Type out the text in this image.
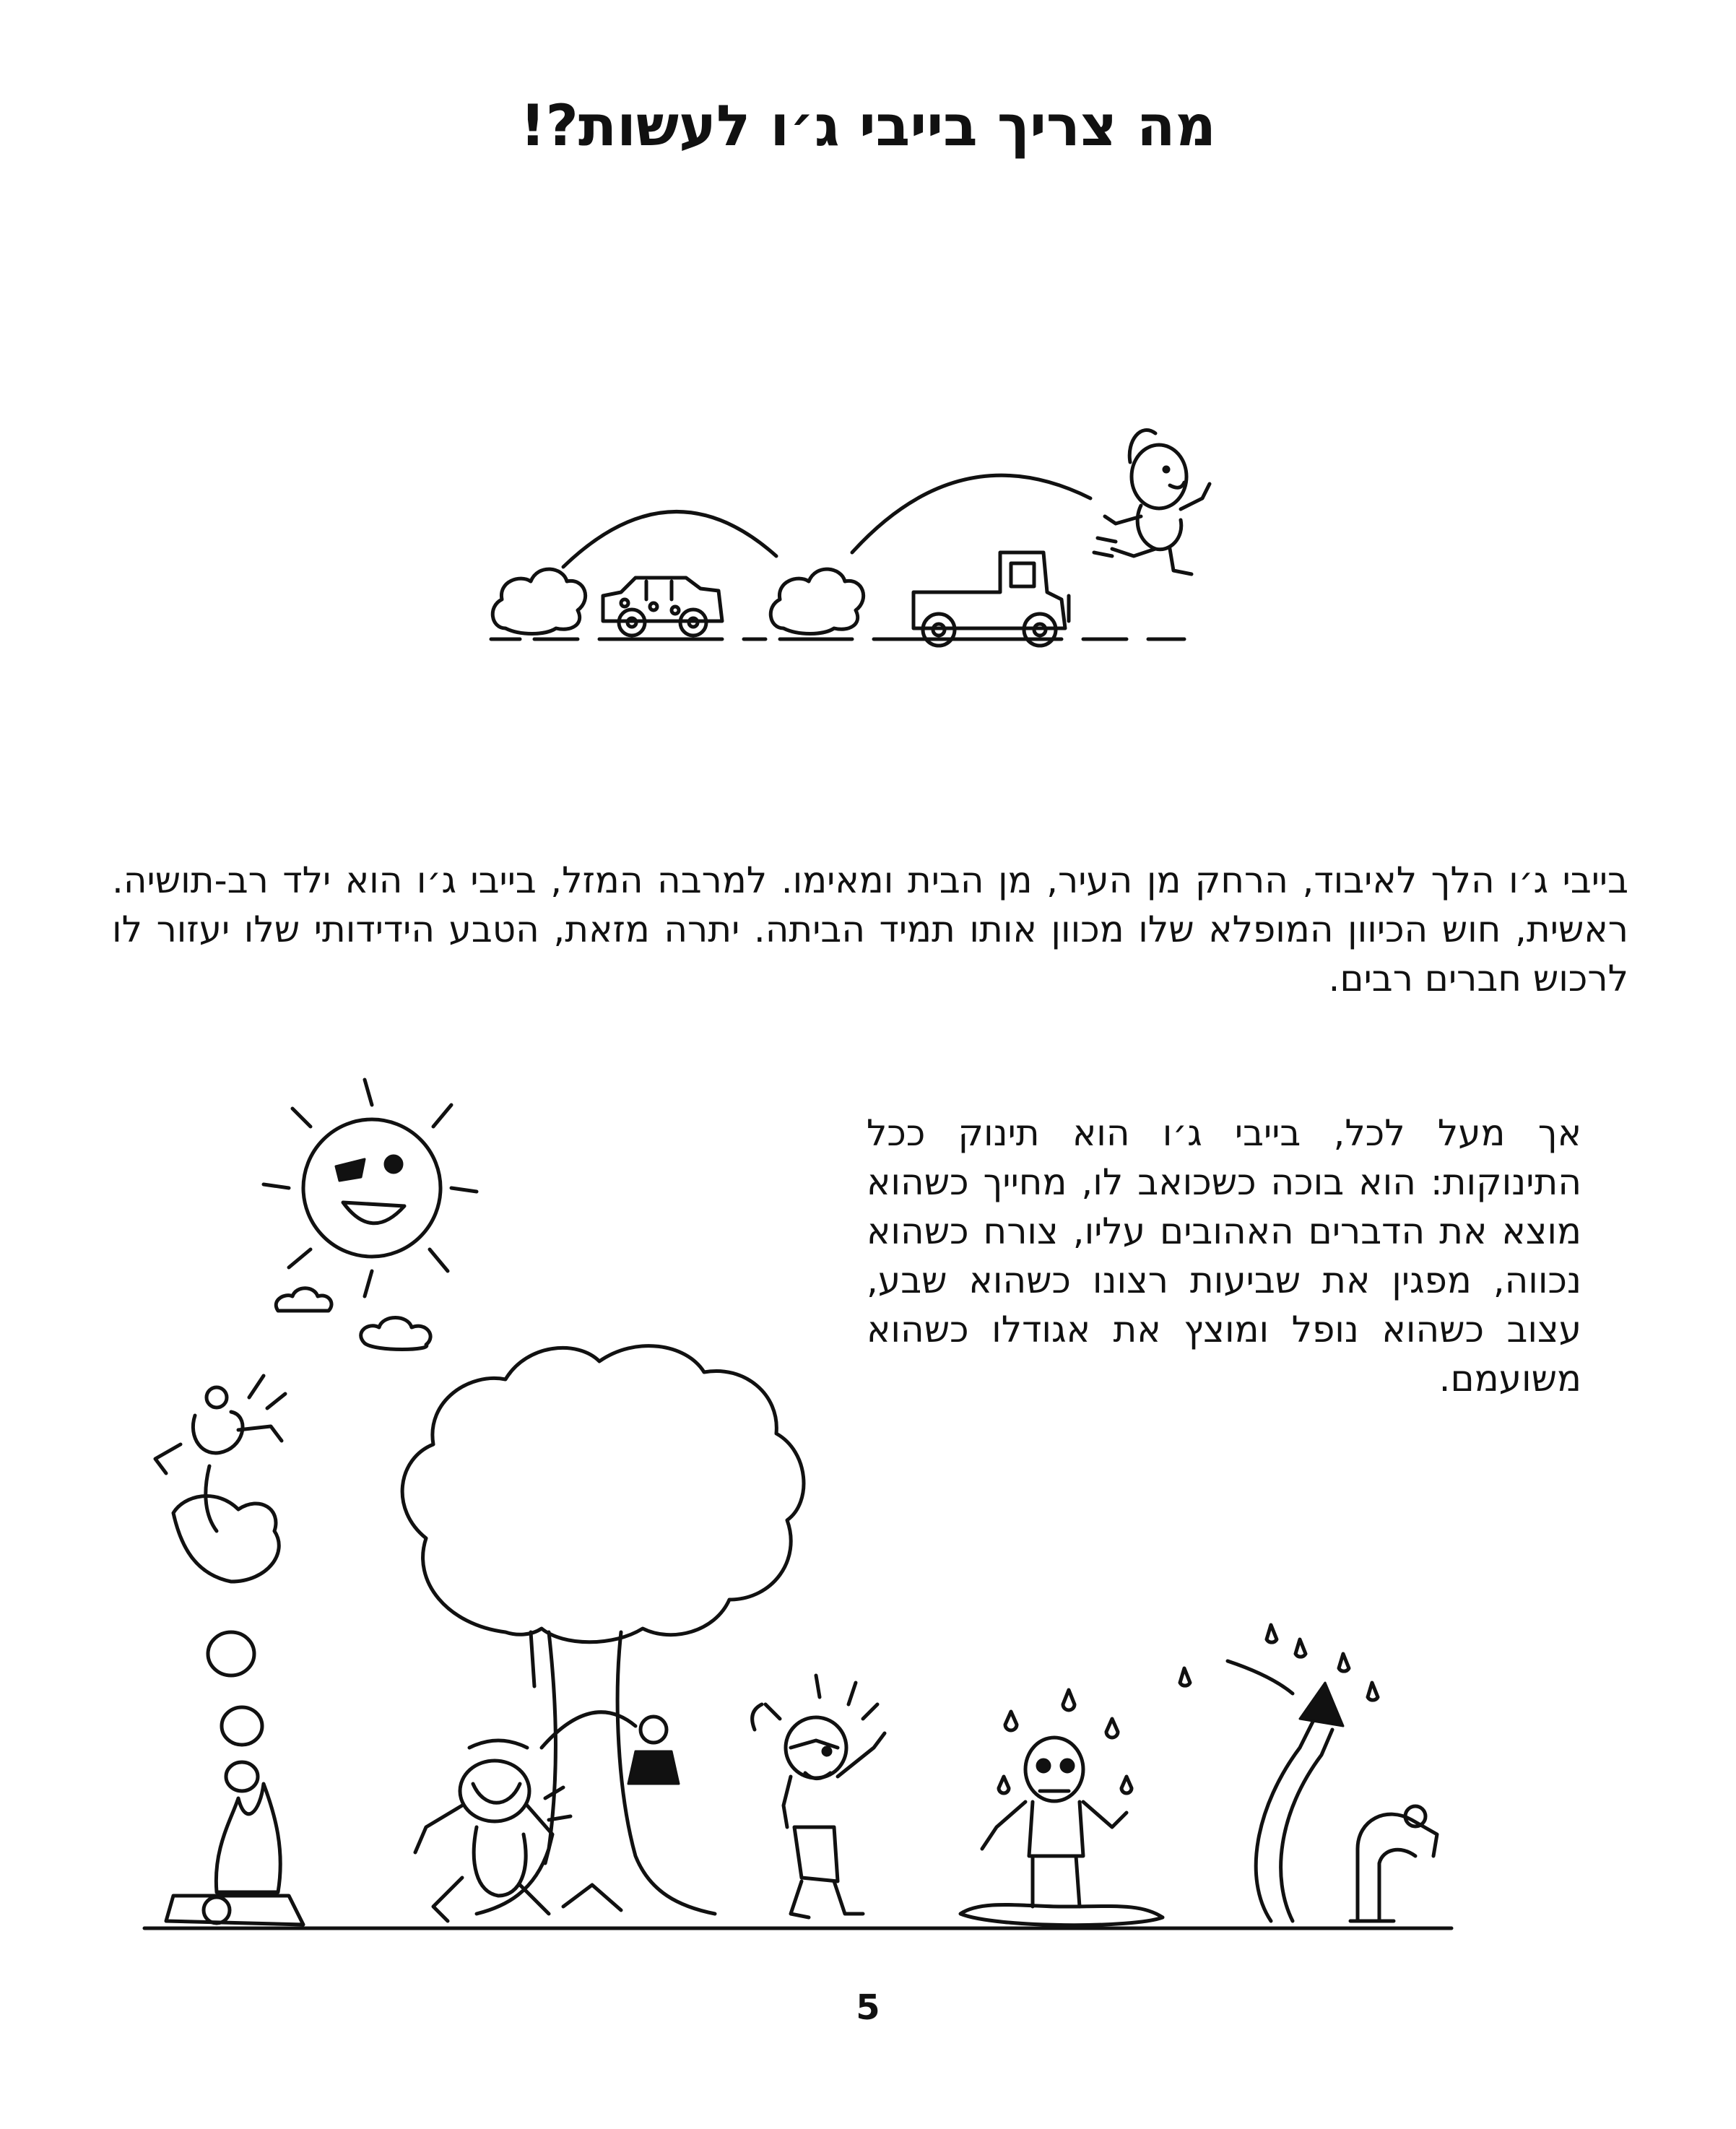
מה צריך בייבי ג׳ו לעשות?!

בייבי ג׳ו הלך לאיבוד, הרחק מן העיר, מן הבית ומאימו. למרבה המזל, בייבי ג׳ו הוא ילד רב-תושיה. ראשית, חוש הכיוון המופלא שלו מכוון אותו תמיד הביתה. יתרה מזאת, הטבע הידידותי שלו יעזור לו לרכוש חברים רבים.

אך מעל לכל, בייבי ג׳ו הוא תינוק ככל התינוקות: הוא בוכה כשכואב לו, מחייך כשהוא מוצא את הדברים האהובים עליו, צורח כשהוא נכווה, מפגין את שביעות רצונו כשהוא שבע, עצוב כשהוא נופל ומוצץ את אגודלו כשהוא משועמם.

5
